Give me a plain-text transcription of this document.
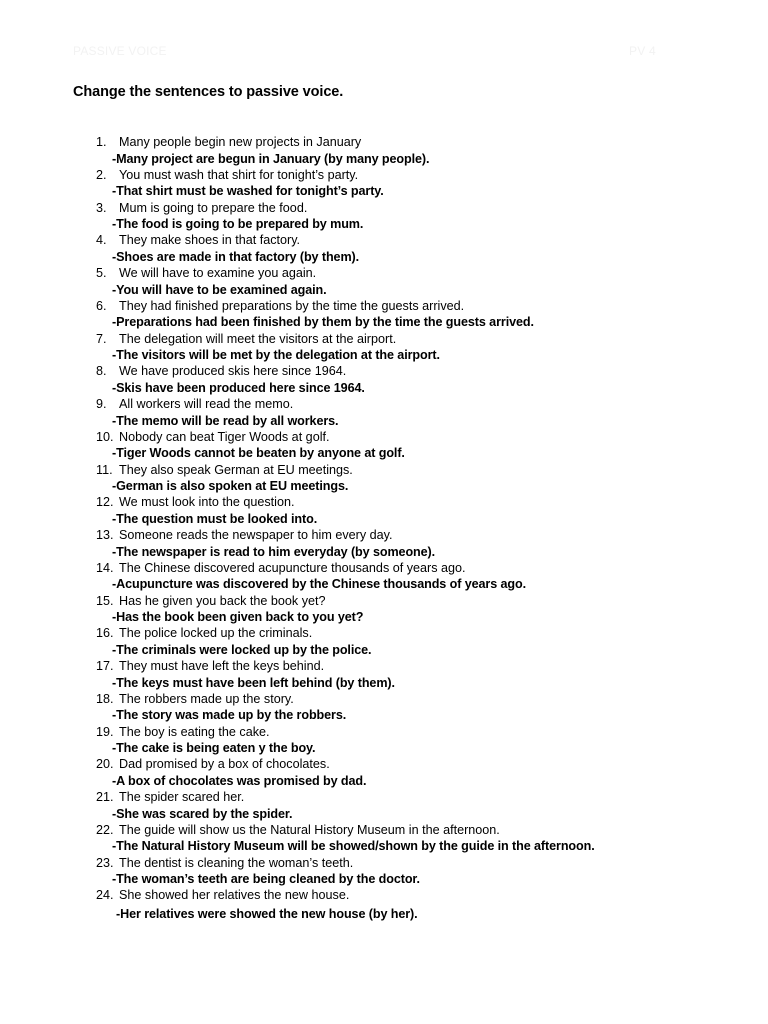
PASSIVE VOICE	PV 4
Change the sentences to passive voice.
1. Many people begin new projects in January
-Many project are begun in January (by many people).
2. You must wash that shirt for tonight’s party.
-That shirt must be washed for tonight’s party.
3. Mum is going to prepare the food.
-The food is going to be prepared by mum.
4. They make shoes in that factory.
-Shoes are made in that factory (by them).
5. We will have to examine you again.
-You will have to be examined again.
6. They had finished preparations by the time the guests arrived.
-Preparations had been finished by them by the time the guests arrived.
7. The delegation will meet the visitors at the airport.
-The visitors will be met by the delegation at the airport.
8. We have produced skis here since 1964.
-Skis have been produced here since 1964.
9. All workers will read the memo.
-The memo will be read by all workers.
10. Nobody can beat Tiger Woods at golf.
-Tiger Woods cannot be beaten by anyone at golf.
11. They also speak German at EU meetings.
-German is also spoken at EU meetings.
12. We must look into the question.
-The question must be looked into.
13. Someone reads the newspaper to him every day.
-The newspaper is read to him everyday (by someone).
14. The Chinese discovered acupuncture thousands of years ago.
-Acupuncture was discovered by the Chinese thousands of years ago.
15. Has he given you back the book yet?
-Has the book been given back to you yet?
16. The police locked up the criminals.
-The criminals were locked up by the police.
17. They must have left the keys behind.
-The keys must have been left behind (by them).
18. The robbers made up the story.
-The story was made up by the robbers.
19. The boy is eating the cake.
-The cake is being eaten y the boy.
20. Dad promised by a box of chocolates.
-A box of chocolates was promised by dad.
21. The spider scared her.
-She was scared by the spider.
22. The guide will show us the Natural History Museum in the afternoon.
-The Natural History Museum will be showed/shown by the guide in the afternoon.
23. The dentist is cleaning the woman’s teeth.
-The woman’s teeth are being cleaned by the doctor.
24. She showed her relatives the new house.
-Her relatives were showed the new house (by her).
